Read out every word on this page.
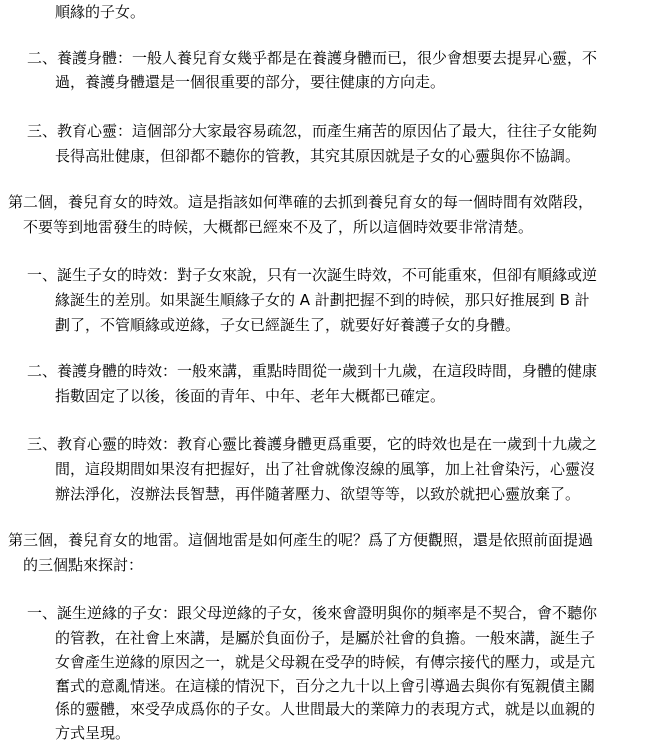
順緣的子女。
二、養護身體：一般人養兒育女幾乎都是在養護身體而已，很少會想要去提昇心靈，不
過，養護身體還是一個很重要的部分，要往健康的方向走。
三、教育心靈：這個部分大家最容易疏忽，而產生痛苦的原因佔了最大，往往子女能夠
長得高壯健康，但卻都不聽你的管教，其究其原因就是子女的心靈與你不協調。
第二個，養兒育女的時效。這是指該如何準確的去抓到養兒育女的每一個時間有效階段，
不要等到地雷發生的時候，大概都已經來不及了，所以這個時效要非常清楚。
一、誕生子女的時效：對子女來說，只有一次誕生時效，不可能重來，但卻有順緣或逆
緣誕生的差別。如果誕生順緣子女的 A 計劃把握不到的時候，那只好推展到 B 計
劃了，不管順緣或逆緣，子女已經誕生了，就要好好養護子女的身體。
二、養護身體的時效：一般來講，重點時間從一歲到十九歲，在這段時間，身體的健康
指數固定了以後，後面的青年、中年、老年大概都已確定。
三、教育心靈的時效：教育心靈比養護身體更爲重要，它的時效也是在一歲到十九歲之
間，這段期間如果沒有把握好，出了社會就像沒線的風箏，加上社會染污，心靈沒
辦法淨化，沒辦法長智慧，再伴隨著壓力、欲望等等，以致於就把心靈放棄了。
第三個，養兒育女的地雷。這個地雷是如何產生的呢？爲了方便觀照，還是依照前面提過
的三個點來探討：
一、誕生逆緣的子女：跟父母逆緣的子女，後來會證明與你的頻率是不契合，會不聽你
的管教，在社會上來講，是屬於負面份子，是屬於社會的負擔。一般來講，誕生子
女會產生逆緣的原因之一，就是父母親在受孕的時候，有傳宗接代的壓力，或是亢
奮式的意亂情迷。在這樣的情況下，百分之九十以上會引導過去與你有冤親債主關
係的靈體，來受孕成爲你的子女。人世間最大的業障力的表現方式，就是以血親的
方式呈現。
